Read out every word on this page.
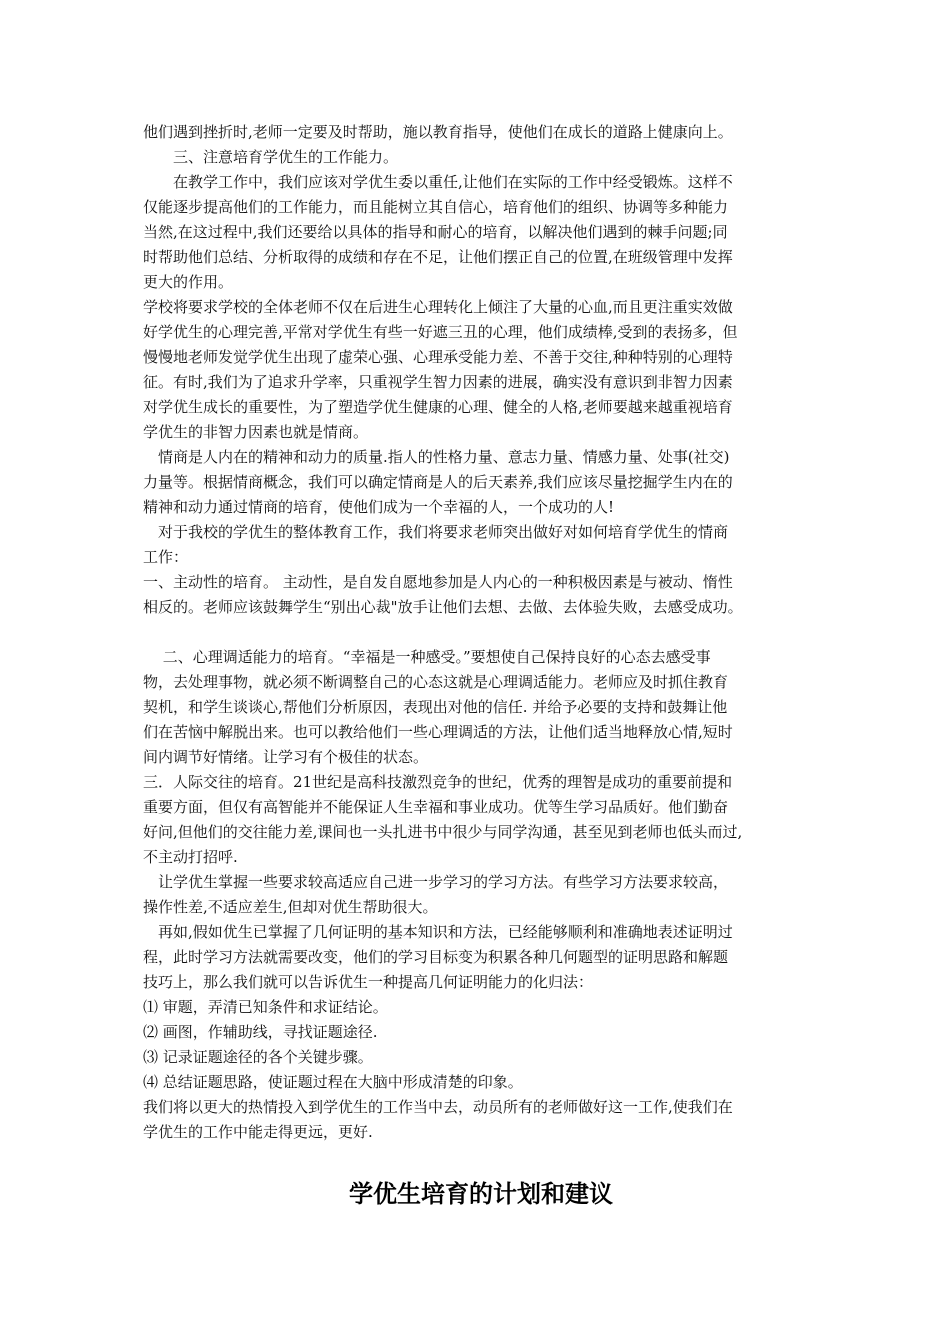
他们遇到挫折时,老师一定要及时帮助，施以教育指导，使他们在成长的道路上健康向上。
　　三、注意培育学优生的工作能力。
　　在教学工作中，我们应该对学优生委以重任,让他们在实际的工作中经受锻炼。这样不
仅能逐步提高他们的工作能力，而且能树立其自信心，培育他们的组织、协调等多种能力
当然,在这过程中,我们还要给以具体的指导和耐心的培育，以解决他们遇到的棘手问题;同
时帮助他们总结、分析取得的成绩和存在不足，让他们摆正自己的位置,在班级管理中发挥
更大的作用。
学校将要求学校的全体老师不仅在后进生心理转化上倾注了大量的心血,而且更注重实效做
好学优生的心理完善,平常对学优生有些一好遮三丑的心理，他们成绩棒,受到的表扬多，但
慢慢地老师发觉学优生出现了虚荣心强、心理承受能力差、不善于交往,种种特别的心理特
征。有时,我们为了追求升学率，只重视学生智力因素的进展，确实没有意识到非智力因素
对学优生成长的重要性，为了塑造学优生健康的心理、健全的人格,老师要越来越重视培育
学优生的非智力因素也就是情商。
　情商是人内在的精神和动力的质量.指人的性格力量、意志力量、情感力量、处事(社交)
力量等。根据情商概念，我们可以确定情商是人的后天素养,我们应该尽量挖掘学生内在的
精神和动力通过情商的培育，使他们成为一个幸福的人，一个成功的人!
　对于我校的学优生的整体教育工作，我们将要求老师突出做好对如何培育学优生的情商
工作：
一、主动性的培育。 主动性，是自发自愿地参加是人内心的一种积极因素是与被动、惰性
相反的。老师应该鼓舞学生“别出心裁"放手让他们去想、去做、去体验失败，去感受成功。
　 二、心理调适能力的培育。“幸福是一种感受。”要想使自己保持良好的心态去感受事
物，去处理事物，就必须不断调整自己的心态这就是心理调适能力。老师应及时抓住教育
契机，和学生谈谈心,帮他们分析原因，表现出对他的信任. 并给予必要的支持和鼓舞让他
们在苦恼中解脱出来。也可以教给他们一些心理调适的方法，让他们适当地释放心情,短时
间内调节好情绪。让学习有个极佳的状态。
三．人际交往的培育。21世纪是高科技激烈竞争的世纪，优秀的理智是成功的重要前提和
重要方面，但仅有高智能并不能保证人生幸福和事业成功。优等生学习品质好。他们勤奋
好问,但他们的交往能力差,课间也一头扎进书中很少与同学沟通，甚至见到老师也低头而过,
不主动打招呼.
　让学优生掌握一些要求较高适应自己进一步学习的学习方法。有些学习方法要求较高，
操作性差,不适应差生,但却对优生帮助很大。
　再如,假如优生已掌握了几何证明的基本知识和方法，已经能够顺利和准确地表述证明过
程，此时学习方法就需要改变，他们的学习目标变为积累各种几何题型的证明思路和解题
技巧上，那么我们就可以告诉优生一种提高几何证明能力的化归法：
⑴ 审题，弄清已知条件和求证结论。
⑵ 画图，作辅助线，寻找证题途径.
⑶ 记录证题途径的各个关键步骤。
⑷ 总结证题思路，使证题过程在大脑中形成清楚的印象。
我们将以更大的热情投入到学优生的工作当中去，动员所有的老师做好这一工作,使我们在
学优生的工作中能走得更远，更好.
学优生培育的计划和建议
